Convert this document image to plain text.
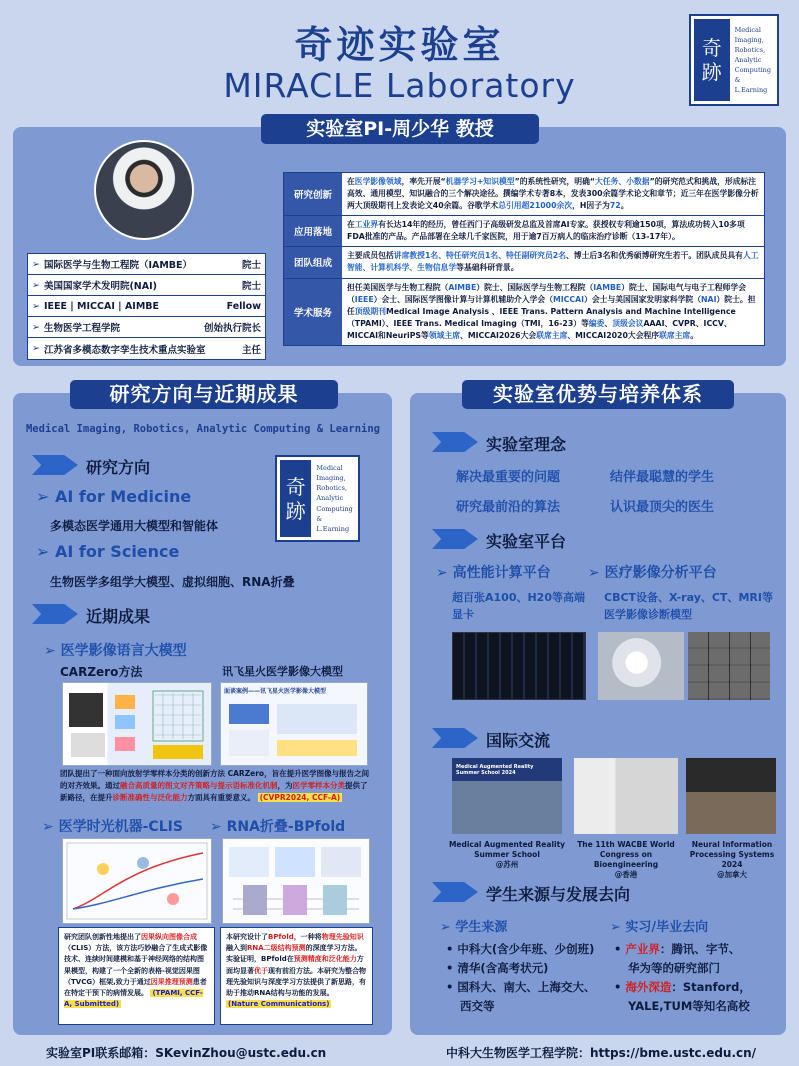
奇迹实验室
MIRACLE Laboratory
奇
跡
Medical
Imaging,
Robotics,
Analytic
Computing &
L.Earning
实验室PI-周少华 教授
➢ 国际医学与生物工程院（IAMBE）	院士
➢ 美国国家学术发明院(NAI)	院士
➢ IEEE | MICCAI | AIMBE	Fellow
➢ 生物医学工程学院	创始执行院长
➢ 江苏省多模态数字孪生技术重点实验室	主任
研究创新
在医学影像领域，率先开展“机器学习+知识模型”的系统性研究，明确“大任务、小数据”的研究范式和挑战，形成标注高效、通用模型、知识融合的三个解决途径。撰编学术专著8本，发表300余篇学术论文和章节；近三年在医学影像分析两大顶级期刊上发表论文40余篇。谷歌学术总引用超21000余次，H因子为72。
应用落地
在工业界有长达14年的经历，曾任西门子高级研发总监及首席AI专家。获授权专利逾150项，算法成功转入10多项FDA批准的产品。产品部署在全球几千家医院，用于逾7百万病人的临床治疗诊断（13-17年）。
团队组成
主要成员包括讲席教授1名、特任研究员1名、特任副研究员2名、博士后3名和优秀硕博研究生若干。团队成员具有人工智能、计算机科学、生物信息学等基础科研背景。
学术服务
担任美国医学与生物工程院（AIMBE）院士、国际医学与生物工程院（IAMBE）院士、国际电气与电子工程师学会（IEEE）会士、国际医学图像计算与计算机辅助介入学会（MICCAI）会士与美国国家发明家科学院（NAI）院士。担任顶级期刊Medical Image Analysis 、IEEE Trans. Pattern Analysis and Machine Intelligence（TPAMI）、IEEE Trans. Medical Imaging（TMI，16-23）等编委、顶级会议AAAI、CVPR、ICCV、MICCAI和NeuriPS等领域主席、MICCAI2026大会联席主席、MICCAI2020大会程序联席主席。
研究方向与近期成果
Medical Imaging, Robotics, Analytic Computing & Learning
研究方向
奇
跡
Medical
Imaging,
Robotics,
Analytic
Computing &
L.Earning
➢ AI for Medicine
多模态医学通用大模型和智能体
➢ AI for Science
生物医学多组学大模型、虚拟细胞、RNA折叠
近期成果
➢ 医学影像语言大模型
CARZero方法	讯飞星火医学影像大模型
面谈案例——讯飞星火医学影像大模型
团队提出了一种面向放射学零样本分类的创新方法 CARZero，旨在提升医学图像与报告之间的对齐效果。通过融合高质量的图文对齐策略与提示语标准化机制，为医学零样本分类提供了新路径，在提升诊断准确性与泛化能力方面具有重要意义。 (CVPR2024, CCF-A)
➢ 医学时光机器-CLIS ➢ RNA折叠-BPfold
研究团队创新性地提出了因果纵向图像合成（CLIS）方法，该方法巧妙融合了生成式影像技术、连续时间建模和基于神经网络的结构图果模型，构建了一个全新的表格-视觉因果图（TVCG）框架,致力于通过因果推理预测患者在特定干预下的病情发展。 (TPAMI, CCF-A, Submitted)
本研究设计了BPfold，一种将物理先验知识融入到RNA二级结构预测的深度学习方法。实验证明，BPfold在预测精度和泛化能力方面均显著优于现有前沿方法。本研究为整合物理先验知识与深度学习方法提供了新思路，有助于推动RNA结构与功能的发展。 (Nature Communications)
实验室优势与培养体系
实验室理念
解决最重要的问题	结伴最聪慧的学生
研究最前沿的算法	认识最顶尖的医生
实验室平台
➢ 高性能计算平台	➢ 医疗影像分析平台
超百张A100、H20等高端显卡
CBCT设备、X-ray、CT、MRI等医学影像诊断模型
国际交流
Medical Augmented Reality Summer School 2024
Medical Augmented Reality Summer School
@苏州
The 11th WACBE World Congress on Bioengineering
@香港
Neural Information Processing Systems 2024
@加拿大
学生来源与发展去向
➢ 学生来源	➢ 实习/毕业去向
• 中科大(含少年班、少创班)
• 清华(含高考状元)
• 国科大、南大、上海交大、
西交等
• 产业界：腾讯、字节、
华为等的研究部门
• 海外深造：Stanford，
YALE,TUM等知名高校
实验室PI联系邮箱：SKevinZhou@ustc.edu.cn	中科大生物医学工程学院：https://bme.ustc.edu.cn/
